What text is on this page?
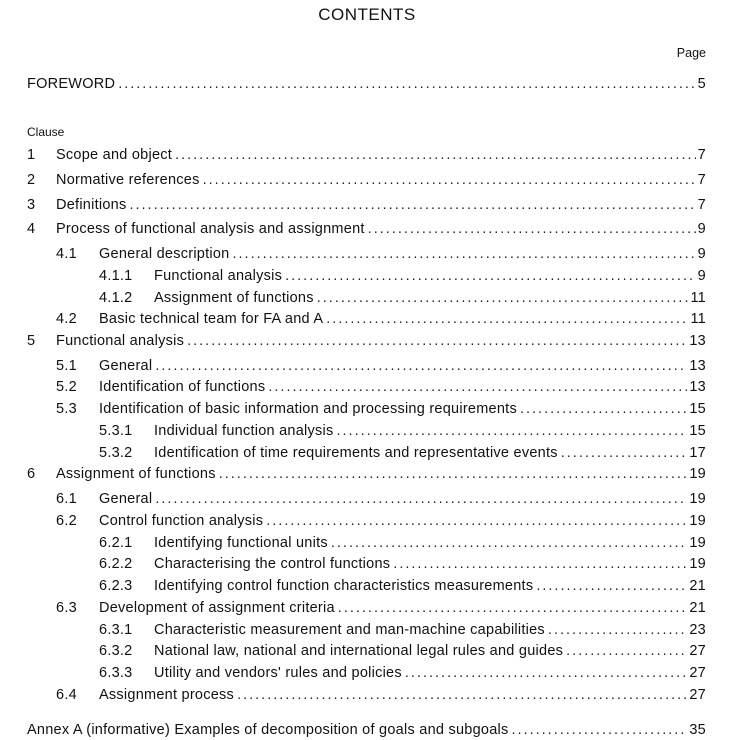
CONTENTS
Page
Clause
FOREWORD .....	5
1	Scope and object .....	7
2	Normative references .....	7
3	Definitions .....	7
4	Process of functional analysis and assignment .....	9
4.1	General description .....	9
4.1.1	Functional analysis .....	9
4.1.2	Assignment of functions .....	11
4.2	Basic technical team for FA and A .....	11
5	Functional analysis .....	13
5.1	General .....	13
5.2	Identification of functions .....	13
5.3	Identification of basic information and processing requirements .....	15
5.3.1	Individual function analysis .....	15
5.3.2	Identification of time requirements and representative events .....	17
6	Assignment of functions .....	19
6.1	General .....	19
6.2	Control function analysis .....	19
6.2.1	Identifying functional units .....	19
6.2.2	Characterising the control functions .....	19
6.2.3	Identifying control function characteristics measurements .....	21
6.3	Development of assignment criteria .....	21
6.3.1	Characteristic measurement and man-machine capabilities .....	23
6.3.2	National law, national and international legal rules and guides .....	27
6.3.3	Utility and vendors' rules and policies .....	27
6.4	Assignment process .....	27
Annex A (informative) Examples of decomposition of goals and subgoals .....	35
